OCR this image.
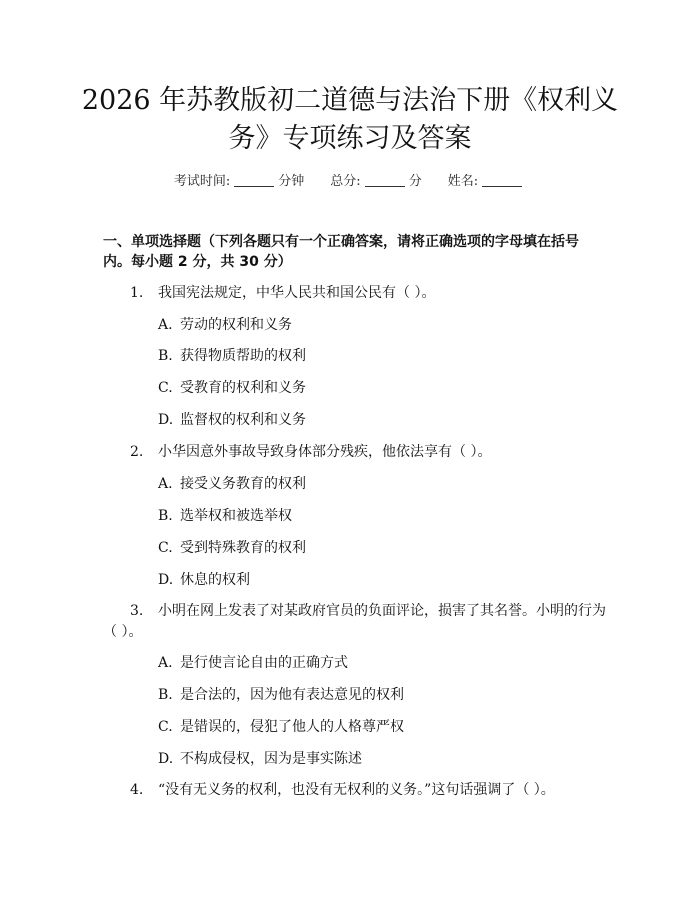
2026 年苏教版初二道德与法治下册《权利义
务》专项练习及答案
考试时间:	分钟 总分:	分 姓名:
一、单项选择题（下列各题只有一个正确答案，请将正确选项的字母填在括号
内。每小题 2 分，共 30 分）
1. 我国宪法规定，中华人民共和国公民有（ ）。
A. 劳动的权利和义务
B. 获得物质帮助的权利
C. 受教育的权利和义务
D. 监督权的权利和义务
2. 小华因意外事故导致身体部分残疾，他依法享有（ ）。
A. 接受义务教育的权利
B. 选举权和被选举权
C. 受到特殊教育的权利
D. 休息的权利
3. 小明在网上发表了对某政府官员的负面评论，损害了其名誉。小明的行为
（ ）。
A. 是行使言论自由的正确方式
B. 是合法的，因为他有表达意见的权利
C. 是错误的，侵犯了他人的人格尊严权
D. 不构成侵权，因为是事实陈述
4. “没有无义务的权利，也没有无权利的义务。”这句话强调了（ ）。
